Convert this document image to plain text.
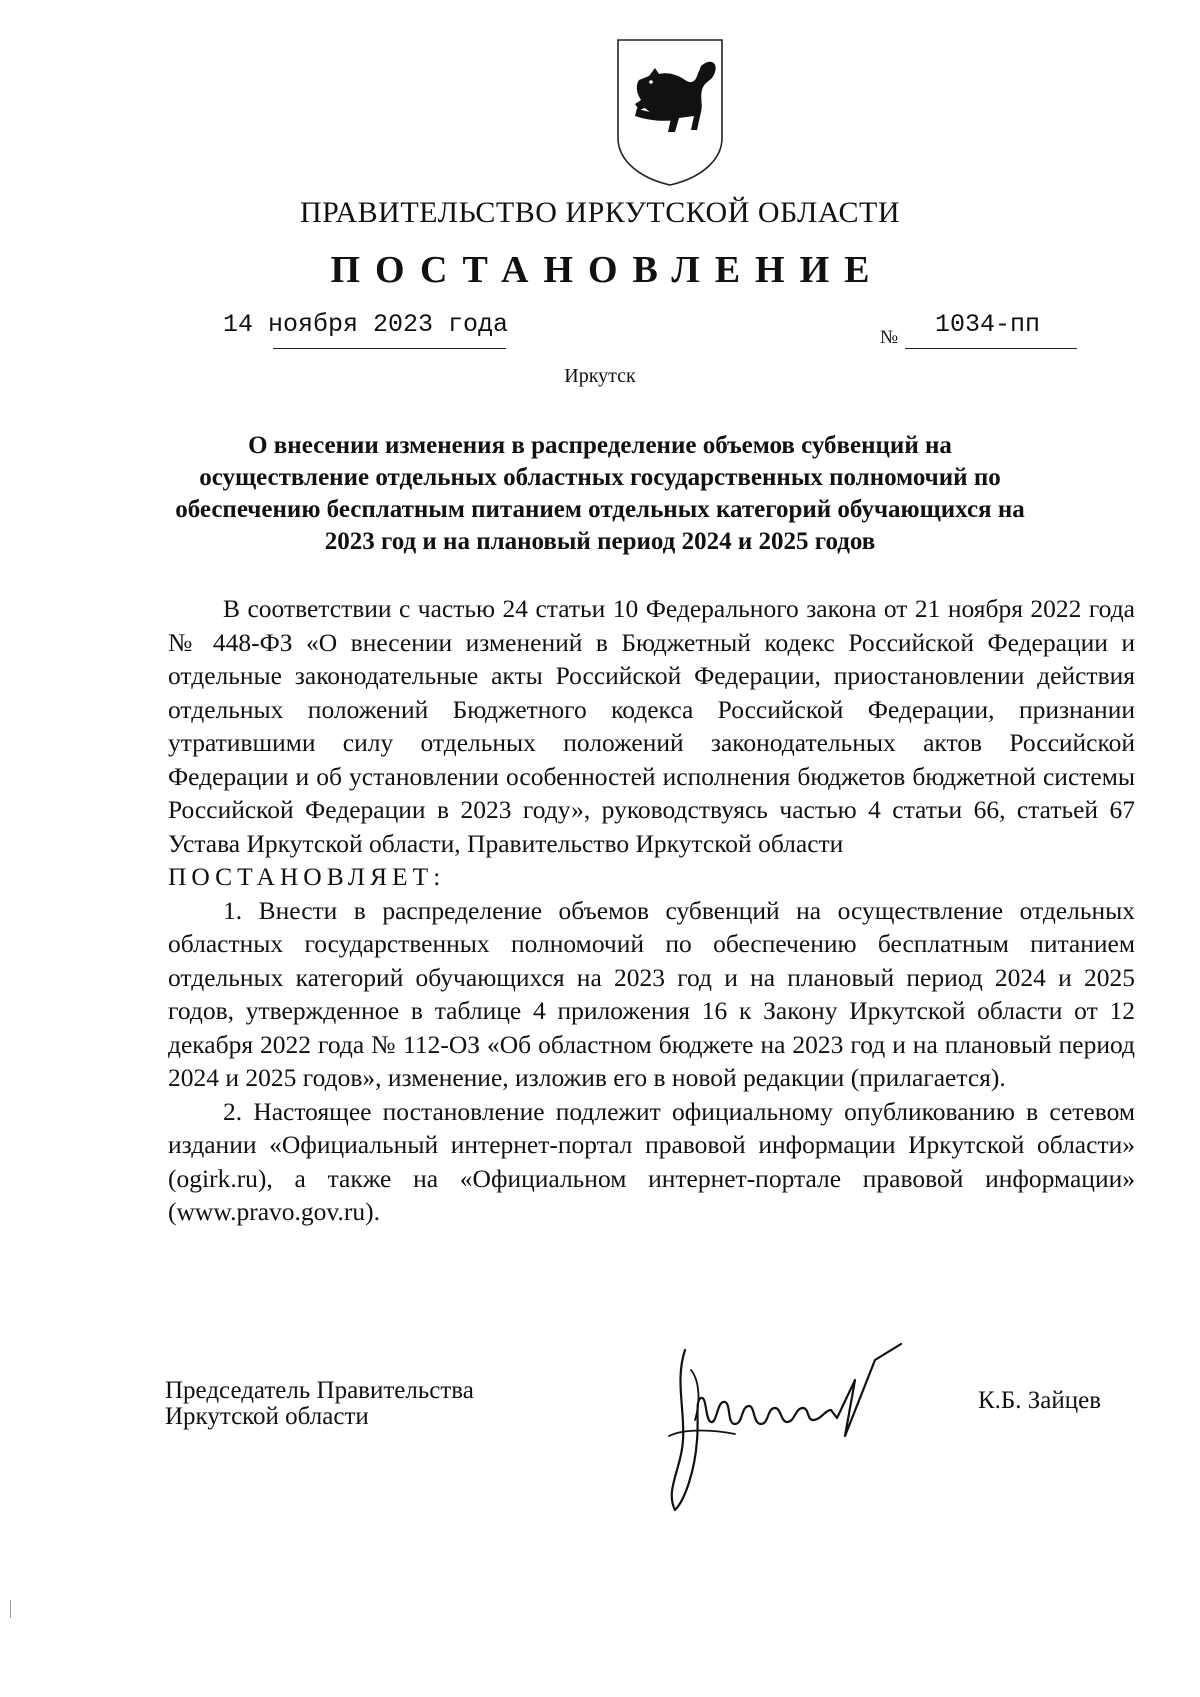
ПРАВИТЕЛЬСТВО ИРКУТСКОЙ ОБЛАСТИ
ПОСТАНОВЛЕНИЕ
14 ноября 2023 года	№ 1034-пп
Иркутск
О внесении изменения в распределение объемов субвенций на осуществление отдельных областных государственных полномочий по обеспечению бесплатным питанием отдельных категорий обучающихся на 2023 год и на плановый период 2024 и 2025 годов

В соответствии с частью 24 статьи 10 Федерального закона от 21 ноября 2022 года № 448-ФЗ «О внесении изменений в Бюджетный кодекс Российской Федерации и отдельные законодательные акты Российской Федерации, приостановлении действия отдельных положений Бюджетного кодекса Российской Федерации, признании утратившими силу отдельных положений законодательных актов Российской Федерации и об установлении особенностей исполнения бюджетов бюджетной системы Российской Федерации в 2023 году», руководствуясь частью 4 статьи 66, статьей 67 Устава Иркутской области, Правительство Иркутской области

ПОСТАНОВЛЯЕТ:

1. Внести в распределение объемов субвенций на осуществление отдельных областных государственных полномочий по обеспечению бесплатным питанием отдельных категорий обучающихся на 2023 год и на плановый период 2024 и 2025 годов, утвержденное в таблице 4 приложения 16 к Закону Иркутской области от 12 декабря 2022 года № 112-ОЗ «Об областном бюджете на 2023 год и на плановый период 2024 и 2025 годов», изменение, изложив его в новой редакции (прилагается).

2. Настоящее постановление подлежит официальному опубликованию в сетевом издании «Официальный интернет-портал правовой информации Иркутской области» (ogirk.ru), а также на «Официальном интернет-портале правовой информации» (www.pravo.gov.ru).

Председатель Правительства
Иркутской области
К.Б. Зайцев
